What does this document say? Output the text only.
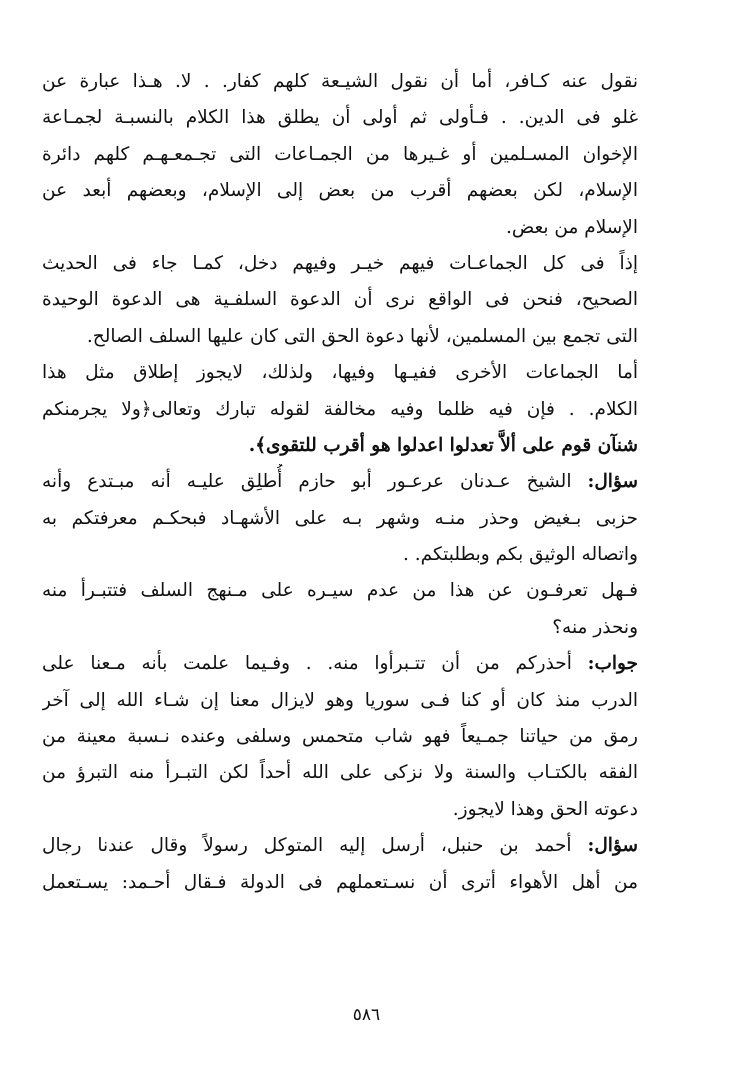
نقول عنه كـافر، أما أن نقول الشيـعة كلهم كفار. . لا. هـذا عبارة عن
غلو فى الدين. . فـأولى ثم أولى أن يطلق هذا الكلام بالنسبـة لجمـاعة
الإخوان المسـلمين أو غـيرها من الجمـاعات التى تجـمعـهـم كلهم دائرة
الإسلام، لكن بعضهم أقرب من بعض إلى الإسلام، وبعضهم أبعد عن
الإسلام من بعض.
إذاً فى كل الجماعـات فيهم خيـر وفيهم دخل، كمـا جاء فى الحديث
الصحيح، فنحن فى الواقع نرى أن الدعوة السلفـية هى الدعوة الوحيدة
التى تجمع بين المسلمين، لأنها دعوة الحق التى كان عليها السلف الصالح.
أما الجماعات الأخرى ففيـها وفيها، ولذلك، لايجوز إطلاق مثل هذا
الكلام. . فإن فيه ظلما وفيه مخالفة لقوله تبارك وتعالى﴿ولا يجرمنكم
شنآن قوم على ألاَّ تعدلوا اعدلوا هو أقرب للتقوى﴾.
سؤال: الشيخ عـدنان عرعـور أبو حازم أُطلِق عليـه أنه مبـتدع وأنه
حزبى بـغيض وحذر منـه وشهر بـه على الأشهـاد فبحكـم معرفتكم به
واتصاله الوثيق بكم وبطلبتكم. .
فـهل تعرفـون عن هذا من عدم سيـره على مـنهج السلف فتتبـرأ منه
ونحذر منه؟
جواب: أحذركم من أن تتـبرأوا منه. . وفـيما علمت بأنه مـعنا على
الدرب منذ كان أو كنا فـى سوريا وهو لايزال معنا إن شـاء الله إلى آخر
رمق من حياتنا جمـيعاً فهو شاب متحمس وسلفى وعنده نـسبة معينة من
الفقه بالكتـاب والسنة ولا نزكى على الله أحداً لكن التبـرأ منه التبرؤ من
دعوته الحق وهذا لايجوز.
سؤال: أحمد بن حنبل، أرسل إليه المتوكل رسولاً وقال عندنا رجال
من أهل الأهواء أترى أن نسـتعملهم فى الدولة فـقال أحـمد: يسـتعمل
٥٨٦
